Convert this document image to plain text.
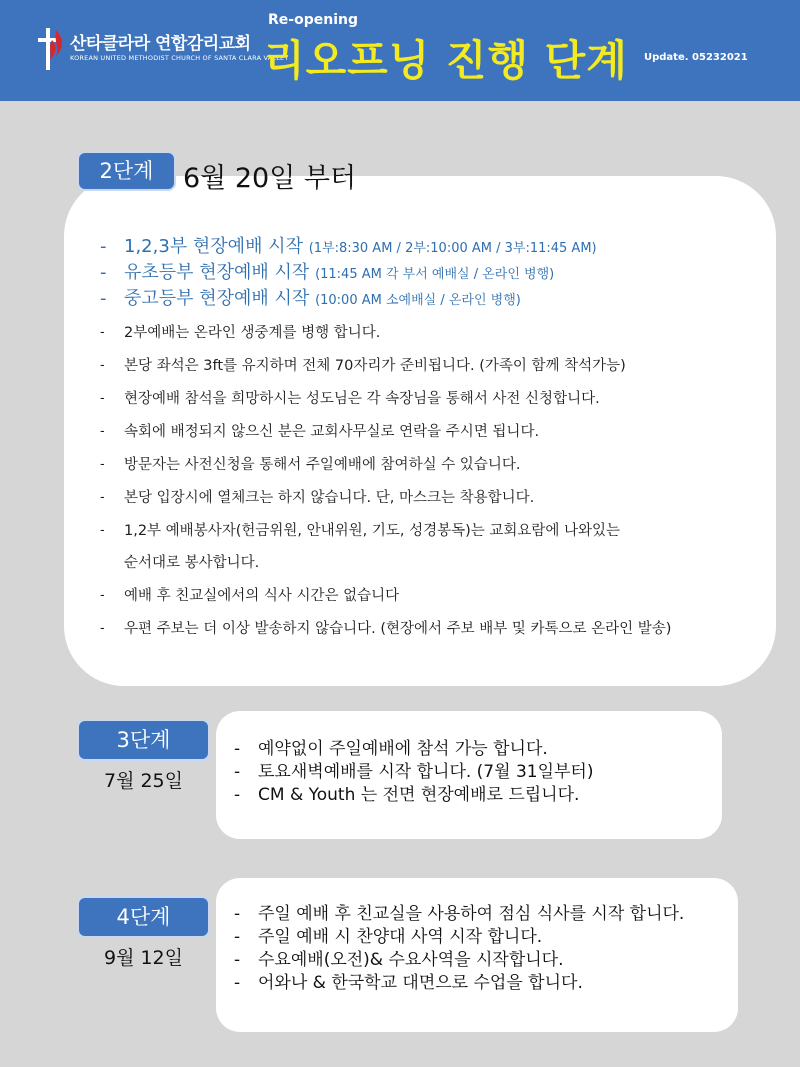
산타클라라 연합감리교회
KOREAN UNITED METHODIST CHURCH OF SANTA CLARA VALLEY
Re-opening
리오프닝 진행 단계 Update. 05232021
2단계	6월 20일 부터
- 1,2,3부 현장예배 시작 (1부:8:30 AM / 2부:10:00 AM / 3부:11:45 AM)
- 유초등부 현장예배 시작 (11:45 AM 각 부서 예배실 / 온라인 병행)
- 중고등부 현장예배 시작 (10:00 AM 소예배실 / 온라인 병행)
- 2부예배는 온라인 생중계를 병행 합니다.
- 본당 좌석은 3ft를 유지하며 전체 70자리가 준비됩니다. (가족이 함께 착석가능)
- 현장예배 참석을 희망하시는 성도님은 각 속장님을 통해서 사전 신청합니다.
- 속회에 배정되지 않으신 분은 교회사무실로 연락을 주시면 됩니다.
- 방문자는 사전신청을 통해서 주일예배에 참여하실 수 있습니다.
- 본당 입장시에 열체크는 하지 않습니다. 단, 마스크는 착용합니다.
- 1,2부 예배봉사자(헌금위원, 안내위원, 기도, 성경봉독)는 교회요람에 나와있는
순서대로 봉사합니다.
- 예배 후 친교실에서의 식사 시간은 없습니다
- 우편 주보는 더 이상 발송하지 않습니다. (현장에서 주보 배부 및 카톡으로 온라인 발송)
3단계
7월 25일
- 예약없이 주일예배에 참석 가능 합니다.
- 토요새벽예배를 시작 합니다. (7월 31일부터)
- CM & Youth 는 전면 현장예배로 드립니다.
4단계
9월 12일
- 주일 예배 후 친교실을 사용하여 점심 식사를 시작 합니다.
- 주일 예배 시 찬양대 사역 시작 합니다.
- 수요예배(오전)& 수요사역을 시작합니다.
- 어와나 & 한국학교 대면으로 수업을 합니다.
